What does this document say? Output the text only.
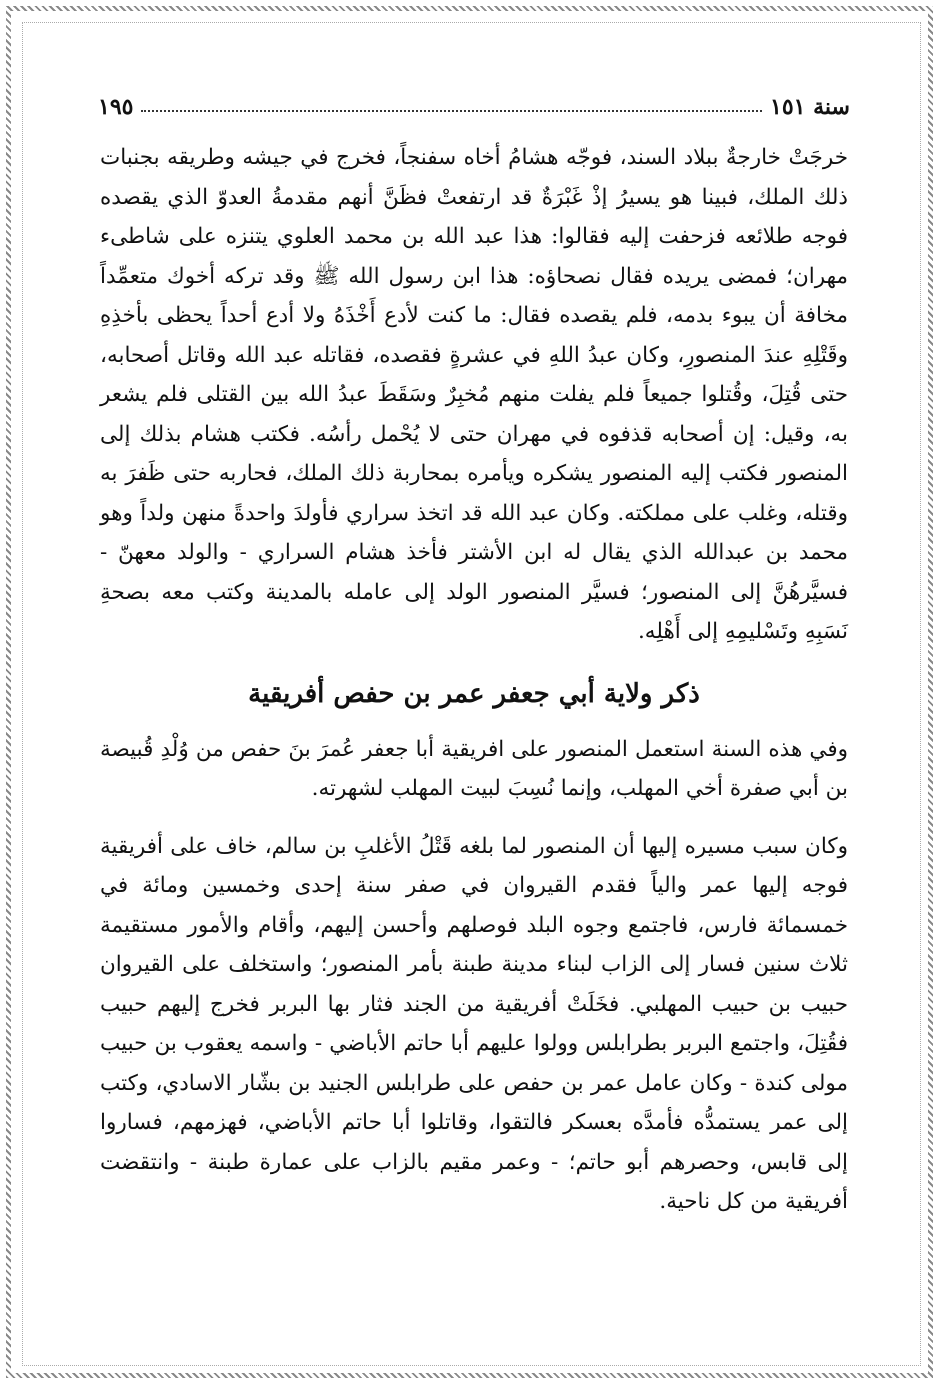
سنة ١٥١
١٩٥

خرجَتْ خارجةٌ ببلاد السند، فوجّه هشامُ أخاه سفنجاً، فخرج في جيشه وطريقه بجنبات ذلك الملك، فبينا هو يسيرُ إذْ غَبْرَةٌ قد ارتفعتْ فظَنَّ أنهم مقدمةُ العدوّ الذي يقصده فوجه طلائعه فزحفت إليه فقالوا: هذا عبد الله بن محمد العلوي يتنزه على شاطىء مهران؛ فمضى يريده فقال نصحاؤه: هذا ابن رسول الله ﷺ وقد تركه أخوك متعمِّداً مخافة أن يبوء بدمه، فلم يقصده فقال: ما كنت لأدع أَخْذَهُ ولا أدع أحداً يحظى بأخذِهِ وقَتْلِهِ عندَ المنصورِ، وكان عبدُ اللهِ في عشرةٍ فقصده، فقاتله عبد الله وقاتل أصحابه، حتى قُتِلَ، وقُتلوا جميعاً فلم يفلت منهم مُخبِرٌ وسَقَطَ عبدُ الله بين القتلى فلم يشعر به، وقيل: إن أصحابه قذفوه في مهران حتى لا يُحْمل رأسُه. فكتب هشام بذلك إلى المنصور فكتب إليه المنصور يشكره ويأمره بمحاربة ذلك الملك، فحاربه حتى ظَفرَ به وقتله، وغلب على مملكته. وكان عبد الله قد اتخذ سراري فأولدَ واحدةً منهن ولداً وهو محمد بن عبدالله الذي يقال له ابن الأشتر فأخذ هشام السراري - والولد معهنّ - فسيَّرهُنَّ إلى المنصور؛ فسيَّر المنصور الولد إلى عامله بالمدينة وكتب معه بصحةِ نَسَبِهِ وتَسْليمِهِ إلى أَهْلِه.

ذكر ولاية أبي جعفر عمر بن حفص أفريقية

وفي هذه السنة استعمل المنصور على افريقية أبا جعفر عُمرَ بنَ حفص من وُلْدِ قُبيصة بن أبي صفرة أخي المهلب، وإنما نُسِبَ لبيت المهلب لشهرته.

وكان سبب مسيره إليها أن المنصور لما بلغه قَتْلُ الأغلبِ بن سالم، خاف على أفريقية فوجه إليها عمر والياً فقدم القيروان في صفر سنة إحدى وخمسين ومائة في خمسمائة فارس، فاجتمع وجوه البلد فوصلهم وأحسن إليهم، وأقام والأمور مستقيمة ثلاث سنين فسار إلى الزاب لبناء مدينة طبنة بأمر المنصور؛ واستخلف على القيروان حبيب بن حبيب المهلبي. فخَلَتْ أفريقية من الجند فثار بها البربر فخرج إليهم حبيب فقُتِلَ، واجتمع البربر بطرابلس وولوا عليهم أبا حاتم الأباضي - واسمه يعقوب بن حبيب مولى كندة - وكان عامل عمر بن حفص على طرابلس الجنيد بن بشّار الاسادي، وكتب إلى عمر يستمدُّه فأمدَّه بعسكر فالتقوا، وقاتلوا أبا حاتم الأباضي، فهزمهم، فساروا إلى قابس، وحصرهم أبو حاتم؛ - وعمر مقيم بالزاب على عمارة طبنة - وانتقضت أفريقية من كل ناحية.
